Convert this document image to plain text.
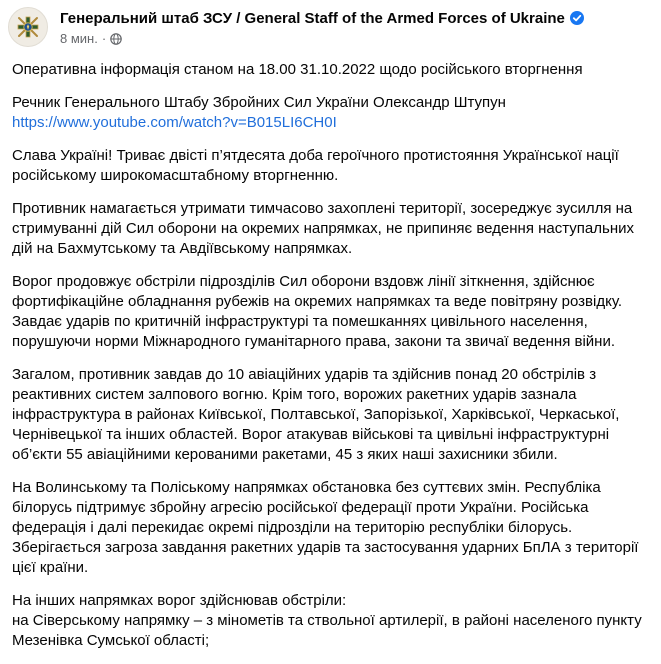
Генеральний штаб ЗСУ / General Staff of the Armed Forces of Ukraine
8 мин. ·

Оперативна інформація станом на 18.00 31.10.2022 щодо російського вторгнення

Речник Генерального Штабу Збройних Сил України Олександр Штупун
https://www.youtube.com/watch?v=B015LI6CH0I

Слава Україні! Триває двісті п’ятдесята доба героїчного протистояння Української нації російському широкомасштабному вторгненню.

Противник намагається утримати тимчасово захоплені території, зосереджує зусилля на стримуванні дій Сил оборони на окремих напрямках, не припиняє ведення наступальних дій на Бахмутському та Авдіївському напрямках.

Ворог продовжує обстріли підрозділів Сил оборони вздовж лінії зіткнення, здійснює фортифікаційне обладнання рубежів на окремих напрямках та веде повітряну розвідку. Завдає ударів по критичній інфраструктурі та помешканнях цивільного населення, порушуючи норми Міжнародного гуманітарного права, закони та звичаї ведення війни.

Загалом, противник завдав до 10 авіаційних ударів та здійснив понад 20 обстрілів з реактивних систем залпового вогню. Крім того, ворожих ракетних ударів зазнала інфраструктура в районах Київської, Полтавської, Запорізької, Харківської, Черкаської, Чернівецької та інших областей. Ворог атакував військові та цивільні інфраструктурні об’єкти 55 авіаційними керованими ракетами, 45 з яких наші захисники збили.

На Волинському та Поліському напрямках обстановка без суттєвих змін. Республіка білорусь підтримує збройну агресію російської федерації проти України. Російська федерація і далі перекидає окремі підрозділи на територію республіки білорусь. Зберігається загроза завдання ракетних ударів та застосування ударних БпЛА з території цієї країни.

На інших напрямках ворог здійснював обстріли:
на Сіверському напрямку – з мінометів та ствольної артилерії, в районі населеного пункту Мезенівка Сумської області;
